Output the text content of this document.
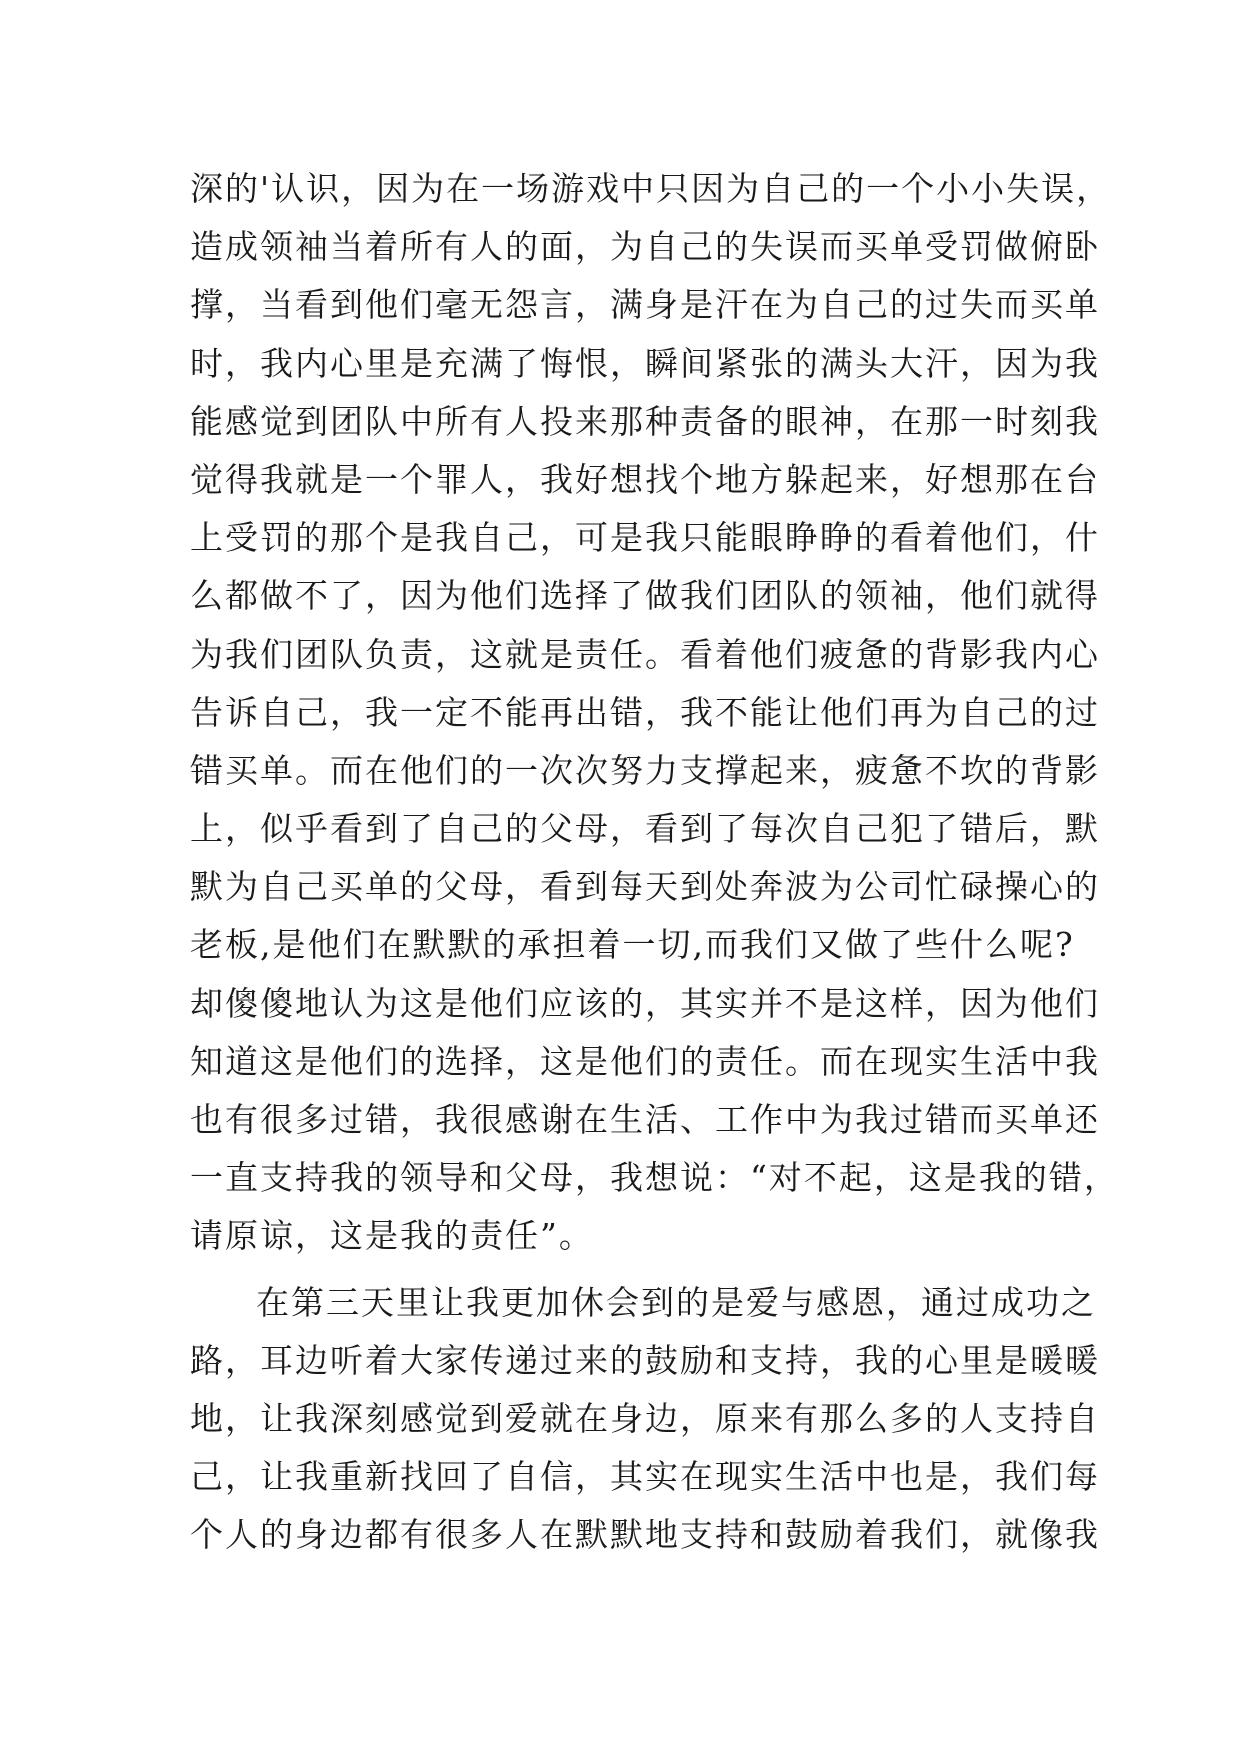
深的'认识，因为在一场游戏中只因为自己的一个小小失误，
造成领袖当着所有人的面，为自己的失误而买单受罚做俯卧
撑，当看到他们毫无怨言，满身是汗在为自己的过失而买单
时，我内心里是充满了悔恨，瞬间紧张的满头大汗，因为我
能感觉到团队中所有人投来那种责备的眼神，在那一时刻我
觉得我就是一个罪人，我好想找个地方躲起来，好想那在台
上受罚的那个是我自己，可是我只能眼睁睁的看着他们，什
么都做不了，因为他们选择了做我们团队的领袖，他们就得
为我们团队负责，这就是责任。看着他们疲惫的背影我内心
告诉自己，我一定不能再出错，我不能让他们再为自己的过
错买单。而在他们的一次次努力支撑起来，疲惫不坎的背影
上，似乎看到了自己的父母，看到了每次自己犯了错后，默
默为自己买单的父母，看到每天到处奔波为公司忙碌操心的
老板,是他们在默默的承担着一切,而我们又做了些什么呢?
却傻傻地认为这是他们应该的，其实并不是这样，因为他们
知道这是他们的选择，这是他们的责任。而在现实生活中我
也有很多过错，我很感谢在生活、工作中为我过错而买单还
一直支持我的领导和父母，我想说：“对不起，这是我的错，
请原谅，这是我的责任”。
在第三天里让我更加休会到的是爱与感恩，通过成功之
路，耳边听着大家传递过来的鼓励和支持，我的心里是暖暖
地，让我深刻感觉到爱就在身边，原来有那么多的人支持自
己，让我重新找回了自信，其实在现实生活中也是，我们每
个人的身边都有很多人在默默地支持和鼓励着我们，就像我
